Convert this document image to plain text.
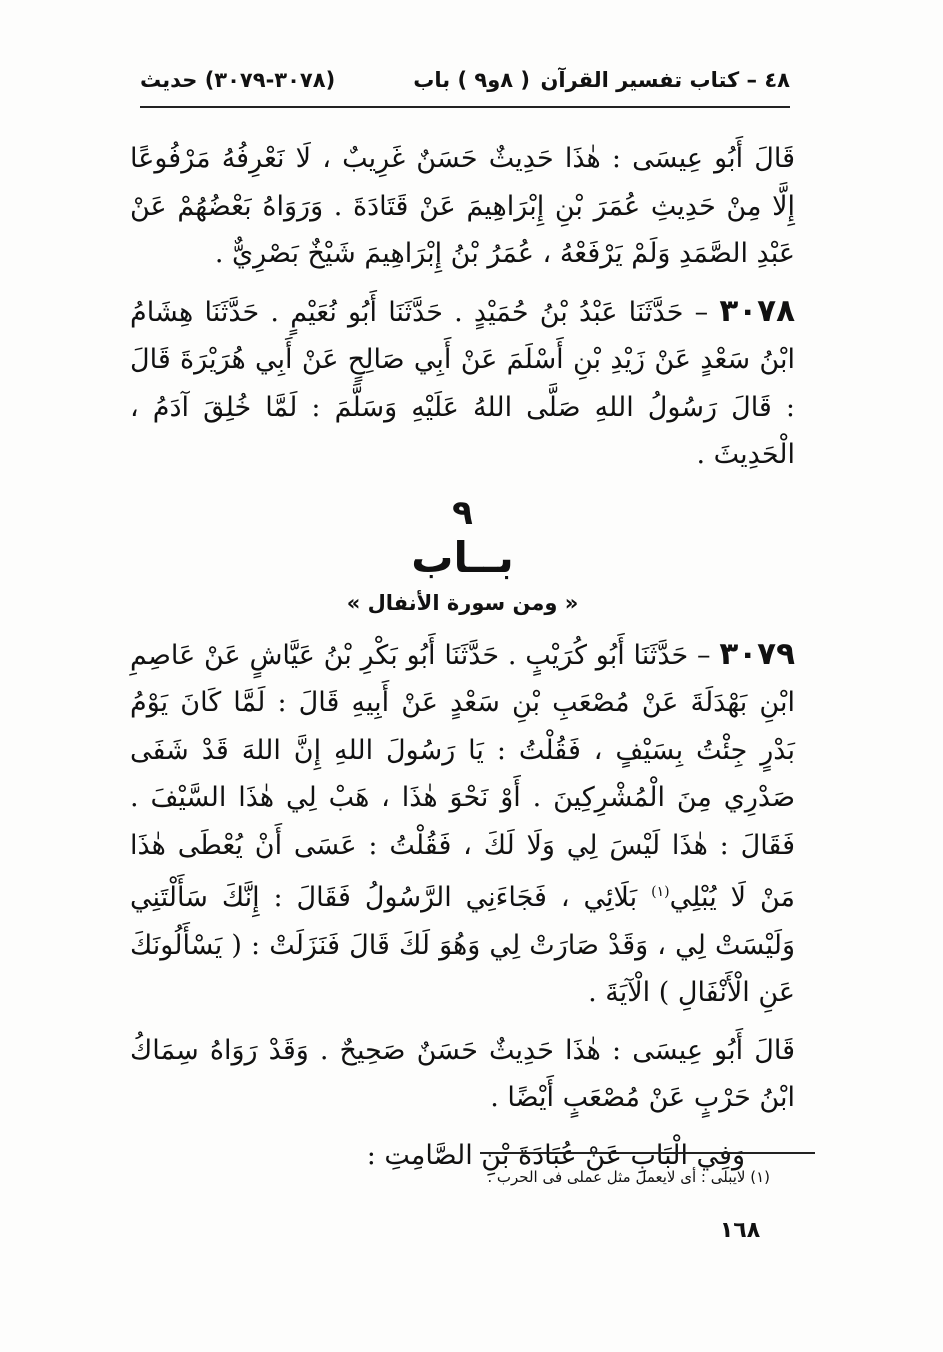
٤٨ – كتاب تفسير القرآن
( ٨و٩ ) باب
(٣٠٧٨-٣٠٧٩) حديث

قَالَ أَبُو عِيسَى : هٰذَا حَدِيثٌ حَسَنٌ غَرِيبٌ ، لَا نَعْرِفُهُ مَرْفُوعًا إِلَّا مِنْ حَدِيثِ عُمَرَ بْنِ إِبْرَاهِيمَ عَنْ قَتَادَةَ . وَرَوَاهُ بَعْضُهُمْ عَنْ عَبْدِ الصَّمَدِ وَلَمْ يَرْفَعْهُ ، عُمَرُ بْنُ إِبْرَاهِيمَ شَيْخٌ بَصْرِيٌّ .

٣٠٧٨ – حَدَّثَنَا عَبْدُ بْنُ حُمَيْدٍ . حَدَّثَنَا أَبُو نُعَيْمٍ . حَدَّثَنَا هِشَامُ ابْنُ سَعْدٍ عَنْ زَيْدِ بْنِ أَسْلَمَ عَنْ أَبِي صَالِحٍ عَنْ أَبِي هُرَيْرَةَ قَالَ : قَالَ رَسُولُ اللهِ صَلَّى اللهُ عَلَيْهِ وَسَلَّمَ : لَمَّا خُلِقَ آدَمُ ، الْحَدِيثَ .

٩
بــاب
« ومن سورة الأنفال »

٣٠٧٩ – حَدَّثَنَا أَبُو كُرَيْبٍ . حَدَّثَنَا أَبُو بَكْرِ بْنُ عَيَّاشٍ عَنْ عَاصِمِ ابْنِ بَهْدَلَةَ عَنْ مُصْعَبِ بْنِ سَعْدٍ عَنْ أَبِيهِ قَالَ : لَمَّا كَانَ يَوْمُ بَدْرٍ جِئْتُ بِسَيْفٍ ، فَقُلْتُ : يَا رَسُولَ اللهِ إِنَّ اللهَ قَدْ شَفَى صَدْرِي مِنَ الْمُشْرِكِينَ . أَوْ نَحْوَ هٰذَا ، هَبْ لِي هٰذَا السَّيْفَ . فَقَالَ : هٰذَا لَيْسَ لِي وَلَا لَكَ ، فَقُلْتُ : عَسَى أَنْ يُعْطَى هٰذَا مَنْ لَا يُبْلِي$^{(١)}$ بَلَائِي ، فَجَاءَنِي الرَّسُولُ فَقَالَ : إِنَّكَ سَأَلْتَنِي وَلَيْسَتْ لِي ، وَقَدْ صَارَتْ لِي وَهُوَ لَكَ قَالَ فَنَزَلَتْ : ( يَسْأَلُونَكَ عَنِ الْأَنْفَالِ ) الْآيَةَ .

قَالَ أَبُو عِيسَى : هٰذَا حَدِيثٌ حَسَنٌ صَحِيحٌ . وَقَدْ رَوَاهُ سِمَاكُ ابْنُ حَرْبٍ عَنْ مُصْعَبٍ أَيْضًا .

وَفِي الْبَابِ عَنْ عُبَادَةَ بْنِ الصَّامِتِ :

(١) لايبلى : أى لايعمل مثل عملى فى الحرب .
١٦٨
